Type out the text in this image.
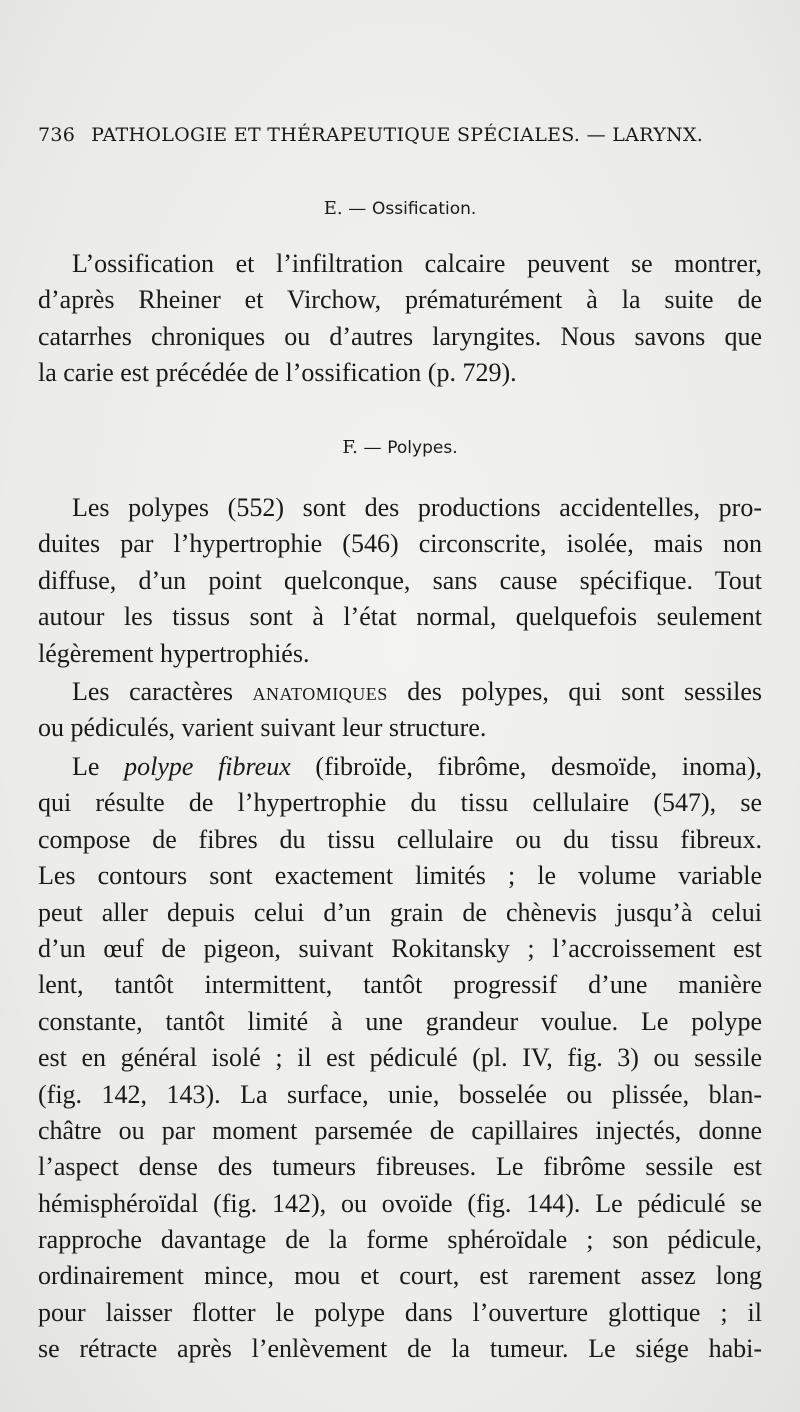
736 PATHOLOGIE ET THÉRAPEUTIQUE SPÉCIALES. — LARYNX.
E. — Ossification.
L’ossification et l’infiltration calcaire peuvent se montrer,
d’après Rheiner et Virchow, prématurément à la suite de
catarrhes chroniques ou d’autres laryngites. Nous savons que
la carie est précédée de l’ossification (p. 729).
F. — Polypes.
Les polypes (552) sont des productions accidentelles, pro-
duites par l’hypertrophie (546) circonscrite, isolée, mais non
diffuse, d’un point quelconque, sans cause spécifique. Tout
autour les tissus sont à l’état normal, quelquefois seulement
légèrement hypertrophiés.
Les caractères anatomiques des polypes, qui sont sessiles
ou pédiculés, varient suivant leur structure.
Le polype fibreux (fibroïde, fibrôme, desmoïde, inoma),
qui résulte de l’hypertrophie du tissu cellulaire (547), se
compose de fibres du tissu cellulaire ou du tissu fibreux.
Les contours sont exactement limités ; le volume variable
peut aller depuis celui d’un grain de chènevis jusqu’à celui
d’un œuf de pigeon, suivant Rokitansky ; l’accroissement est
lent, tantôt intermittent, tantôt progressif d’une manière
constante, tantôt limité à une grandeur voulue. Le polype
est en général isolé ; il est pédiculé (pl. IV, fig. 3) ou sessile
(fig. 142, 143). La surface, unie, bosselée ou plissée, blan-
châtre ou par moment parsemée de capillaires injectés, donne
l’aspect dense des tumeurs fibreuses. Le fibrôme sessile est
hémisphéroïdal (fig. 142), ou ovoïde (fig. 144). Le pédiculé se
rapproche davantage de la forme sphéroïdale ; son pédicule,
ordinairement mince, mou et court, est rarement assez long
pour laisser flotter le polype dans l’ouverture glottique ; il
se rétracte après l’enlèvement de la tumeur. Le siége habi-
